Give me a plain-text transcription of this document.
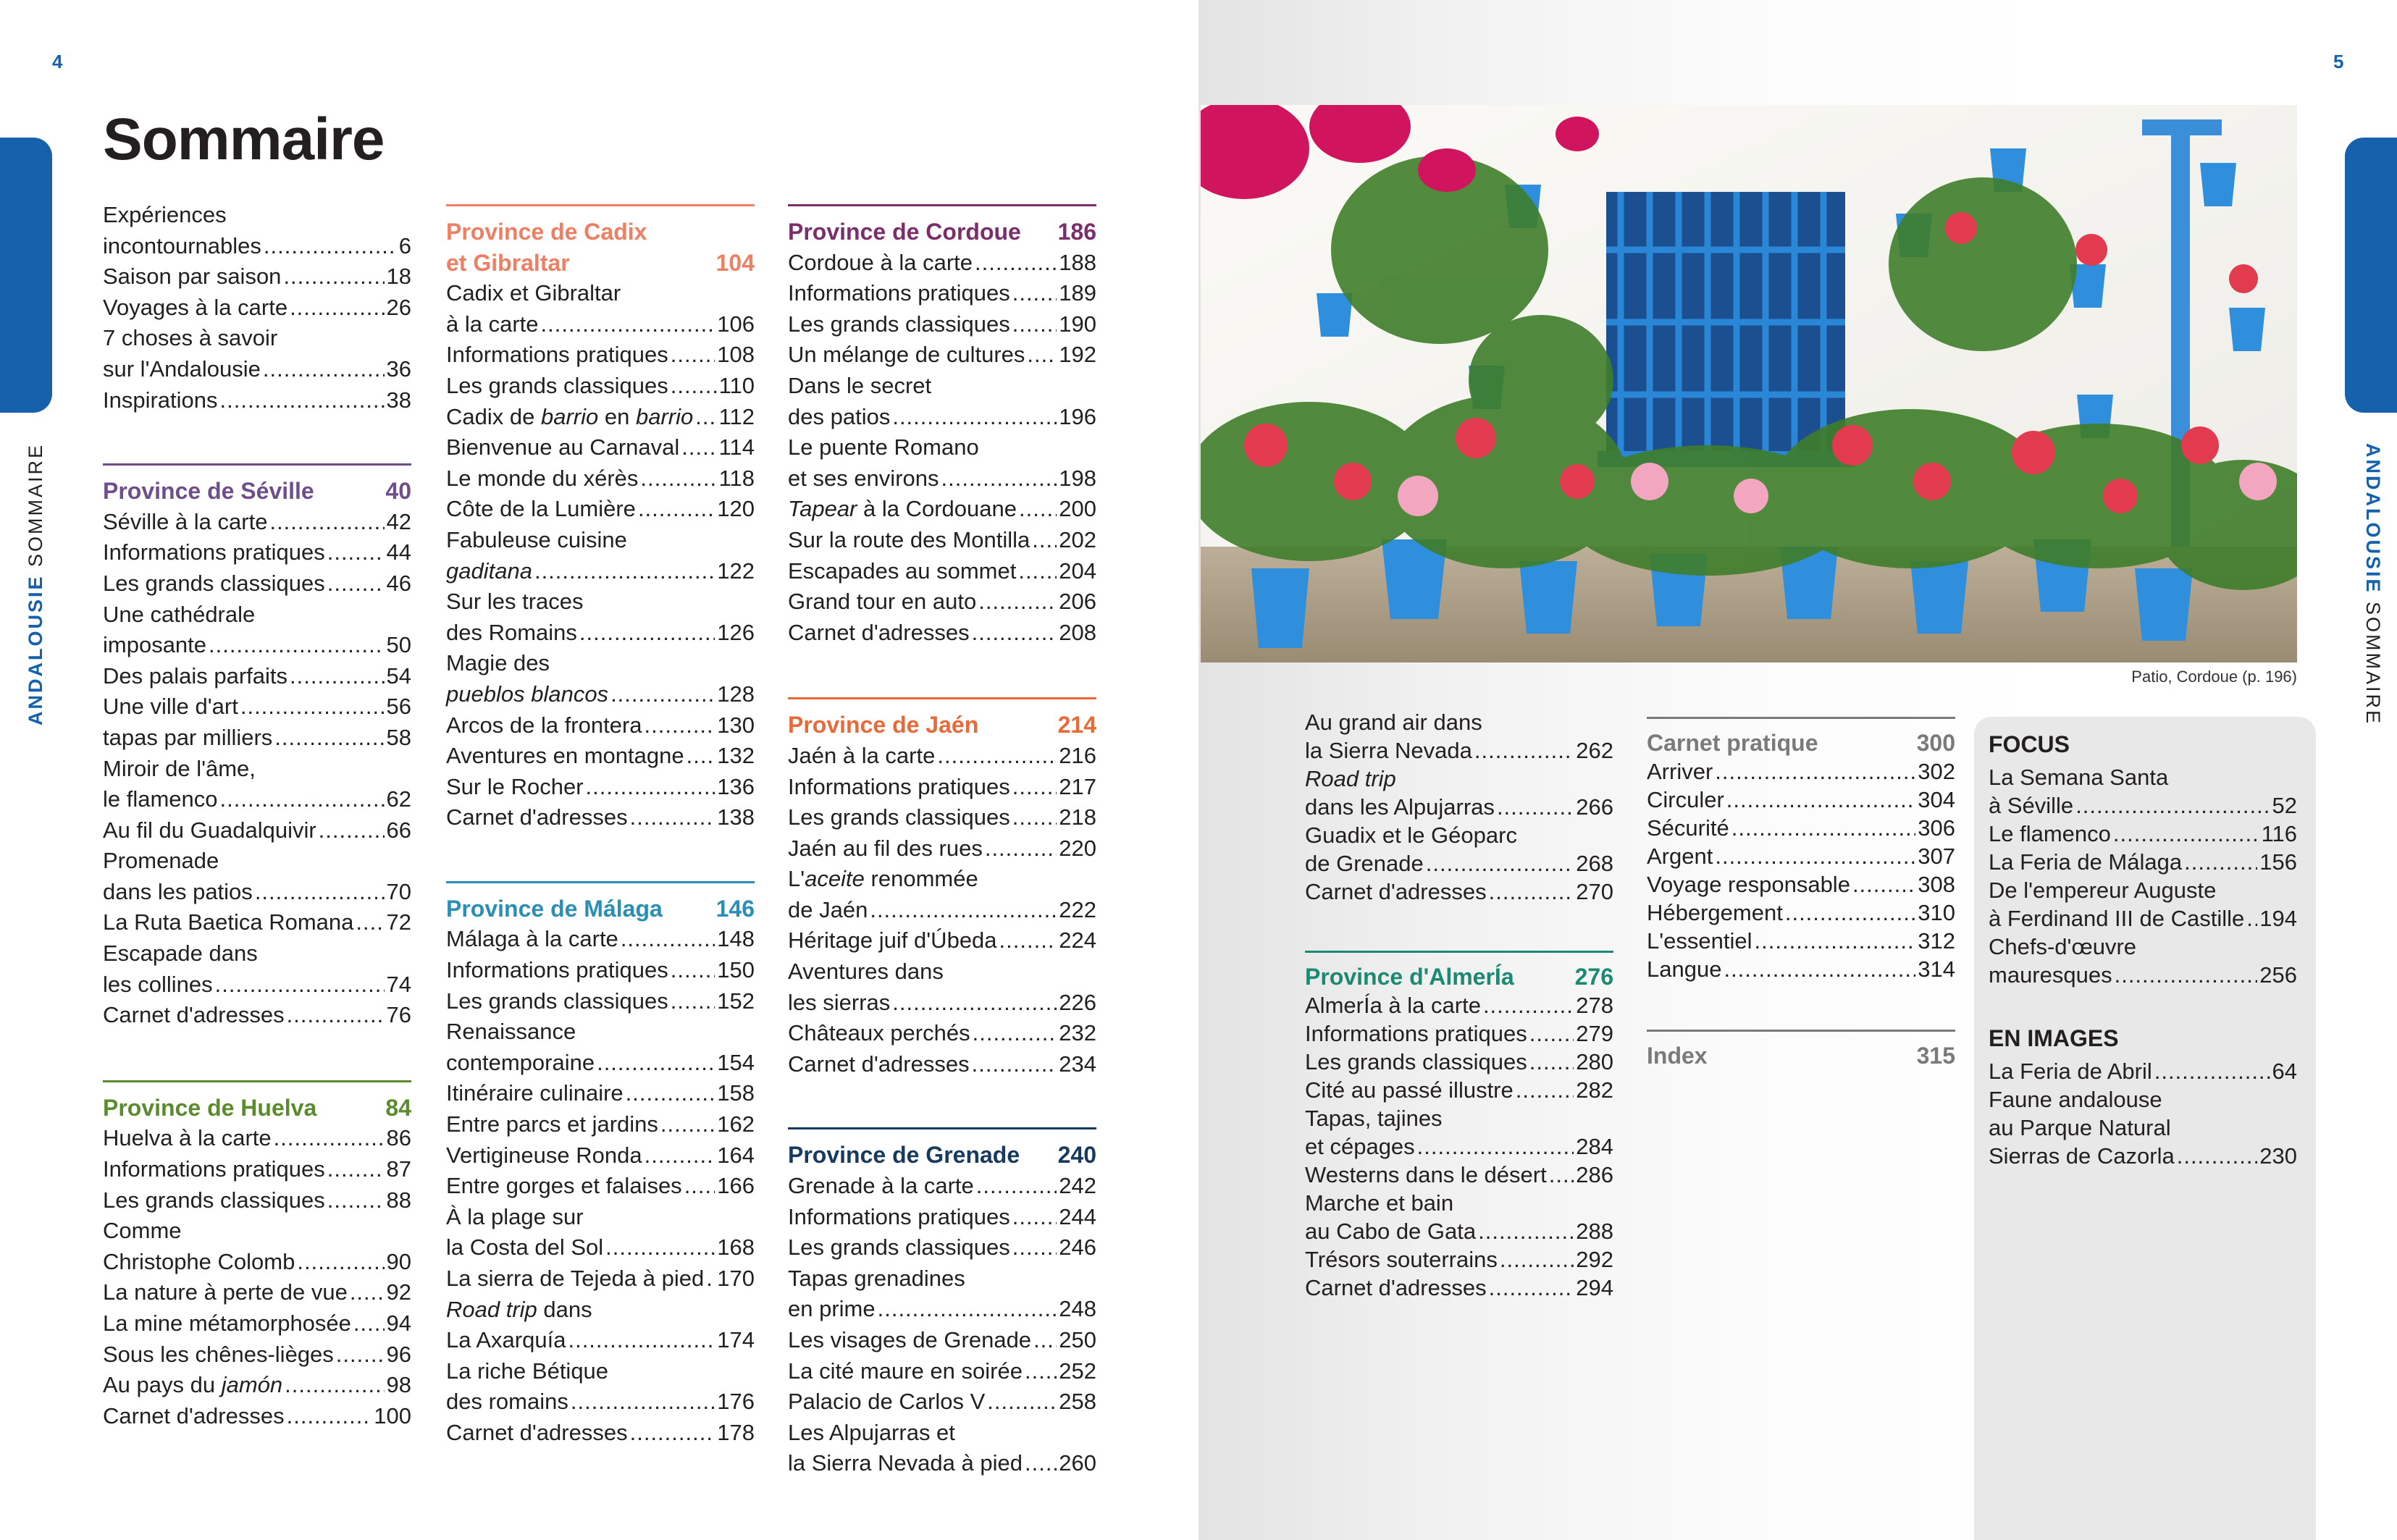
4	5
ANDALOUSIE SOMMAIRE	ANDALOUSIE SOMMAIRE
Sommaire
Expériences
incontournables .....	6
Saison par saison .....	18
Voyages à la carte .....	26
7 choses à savoir
sur l'Andalousie .....	36
Inspirations .....	38
Province de Séville	40
Séville à la carte .....	42
Informations pratiques .....	44
Les grands classiques .....	46
Une cathédrale
imposante .....	50
Des palais parfaits .....	54
Une ville d'art .....	56
tapas par milliers .....	58
Miroir de l'âme,
le flamenco .....	62
Au fil du Guadalquivir .....	66
Promenade
dans les patios .....	70
La Ruta Baetica Romana ..... 72
Escapade dans
les collines .....	74
Carnet d'adresses .....	76
Province de Huelva	84
Huelva à la carte .....	86
Informations pratiques .....	87
Les grands classiques .....	88
Comme
Christophe Colomb .....	90
La nature à perte de vue ..... 92
La mine métamorphosée ..... 94
Sous les chênes-lièges ..... 96
Au pays du jamón .....	98
Carnet d'adresses .....	100
Province de Cadix
et Gibraltar	104
Cadix et Gibraltar
à la carte .....	106
Informations pratiques ..... 108
Les grands classiques ..... 110
Cadix de barrio en barrio ..... 112
Bienvenue au Carnaval ..... 114
Le monde du xérès .....	118
Côte de la Lumière .....	120
Fabuleuse cuisine
gaditana .....	122
Sur les traces
des Romains .....	126
Magie des
pueblos blancos .....	128
Arcos de la frontera .....	130
Aventures en montagne ..... 132
Sur le Rocher .....	136
Carnet d'adresses .....	138
Province de Málaga	146
Málaga à la carte .....	148
Informations pratiques ..... 150
Les grands classiques ..... 152
Renaissance
contemporaine .....	154
Itinéraire culinaire .....	158
Entre parcs et jardins .....	162
Vertigineuse Ronda .....	164
Entre gorges et falaises ..... 166
À la plage sur
la Costa del Sol .....	168
La sierra de Tejeda à pied ..... 170
Road trip dans
La Axarquía .....	174
La riche Bétique
des romains .....	176
Carnet d'adresses .....	178
Province de Cordoue	186
Cordoue à la carte .....	188
Informations pratiques ..... 189
Les grands classiques ..... 190
Un mélange de cultures ..... 192
Dans le secret
des patios .....	196
Le puente Romano
et ses environs .....	198
Tapear à la Cordouane ..... 200
Sur la route des Montilla ..... 202
Escapades au sommet ..... 204
Grand tour en auto .....	206
Carnet d'adresses .....	208
Province de Jaén	214
Jaén à la carte .....	216
Informations pratiques ..... 217
Les grands classiques ..... 218
Jaén au fil des rues .....	220
L'aceite renommée
de Jaén .....	222
Héritage juif d'Úbeda .....	224
Aventures dans
les sierras .....	226
Châteaux perchés .....	232
Carnet d'adresses .....	234
Province de Grenade	240
Grenade à la carte .....	242
Informations pratiques ..... 244
Les grands classiques ..... 246
Tapas grenadines
en prime .....	248
Les visages de Grenade ..... 250
La cité maure en soirée ..... 252
Palacio de Carlos V .....	258
Les Alpujarras et
la Sierra Nevada à pied ..... 260
Patio, Cordoue (p. 196)
Au grand air dans
la Sierra Nevada .....	262
Road trip
dans les Alpujarras .....	266
Guadix et le Géoparc
de Grenade .....	268
Carnet d'adresses .....	270
Province d'AlmerÍa	276
AlmerÍa à la carte .....	278
Informations pratiques ..... 279
Les grands classiques ..... 280
Cité au passé illustre .....	282
Tapas, tajines
et cépages .....	284
Westerns dans le désert ..... 286
Marche et bain
au Cabo de Gata .....	288
Trésors souterrains .....	292
Carnet d'adresses .....	294
Carnet pratique	300
Arriver .....	302
Circuler .....	304
Sécurité .....	306
Argent .....	307
Voyage responsable .....	308
Hébergement .....	310
L'essentiel .....	312
Langue .....	314
Index	315
FOCUS
La Semana Santa
à Séville .....	52
Le flamenco .....	116
La Feria de Málaga .....	156
De l'empereur Auguste
à Ferdinand III de Castille ..... 194
Chefs-d'œuvre
mauresques .....	256
EN IMAGES
La Feria de Abril .....	64
Faune andalouse
au Parque Natural
Sierras de Cazorla .....	230
